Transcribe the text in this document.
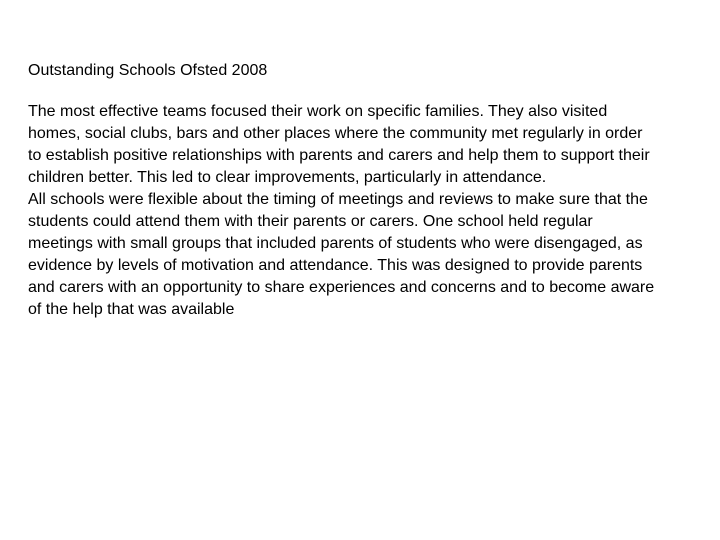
Outstanding Schools Ofsted 2008
The most effective teams focused their work on specific families. They also visited
homes, social clubs, bars and other places where the community met regularly in order
to establish positive relationships with parents and carers and help them to support their
children better. This led to clear improvements, particularly in attendance.
All schools were flexible about the timing of meetings and reviews to make sure that the
students could attend them with their parents or carers. One school held regular
meetings with small groups that included parents of students who were disengaged, as
evidence by levels of motivation and attendance. This was designed to provide parents
and carers with an opportunity to share experiences and concerns and to become aware
of the help that was available
